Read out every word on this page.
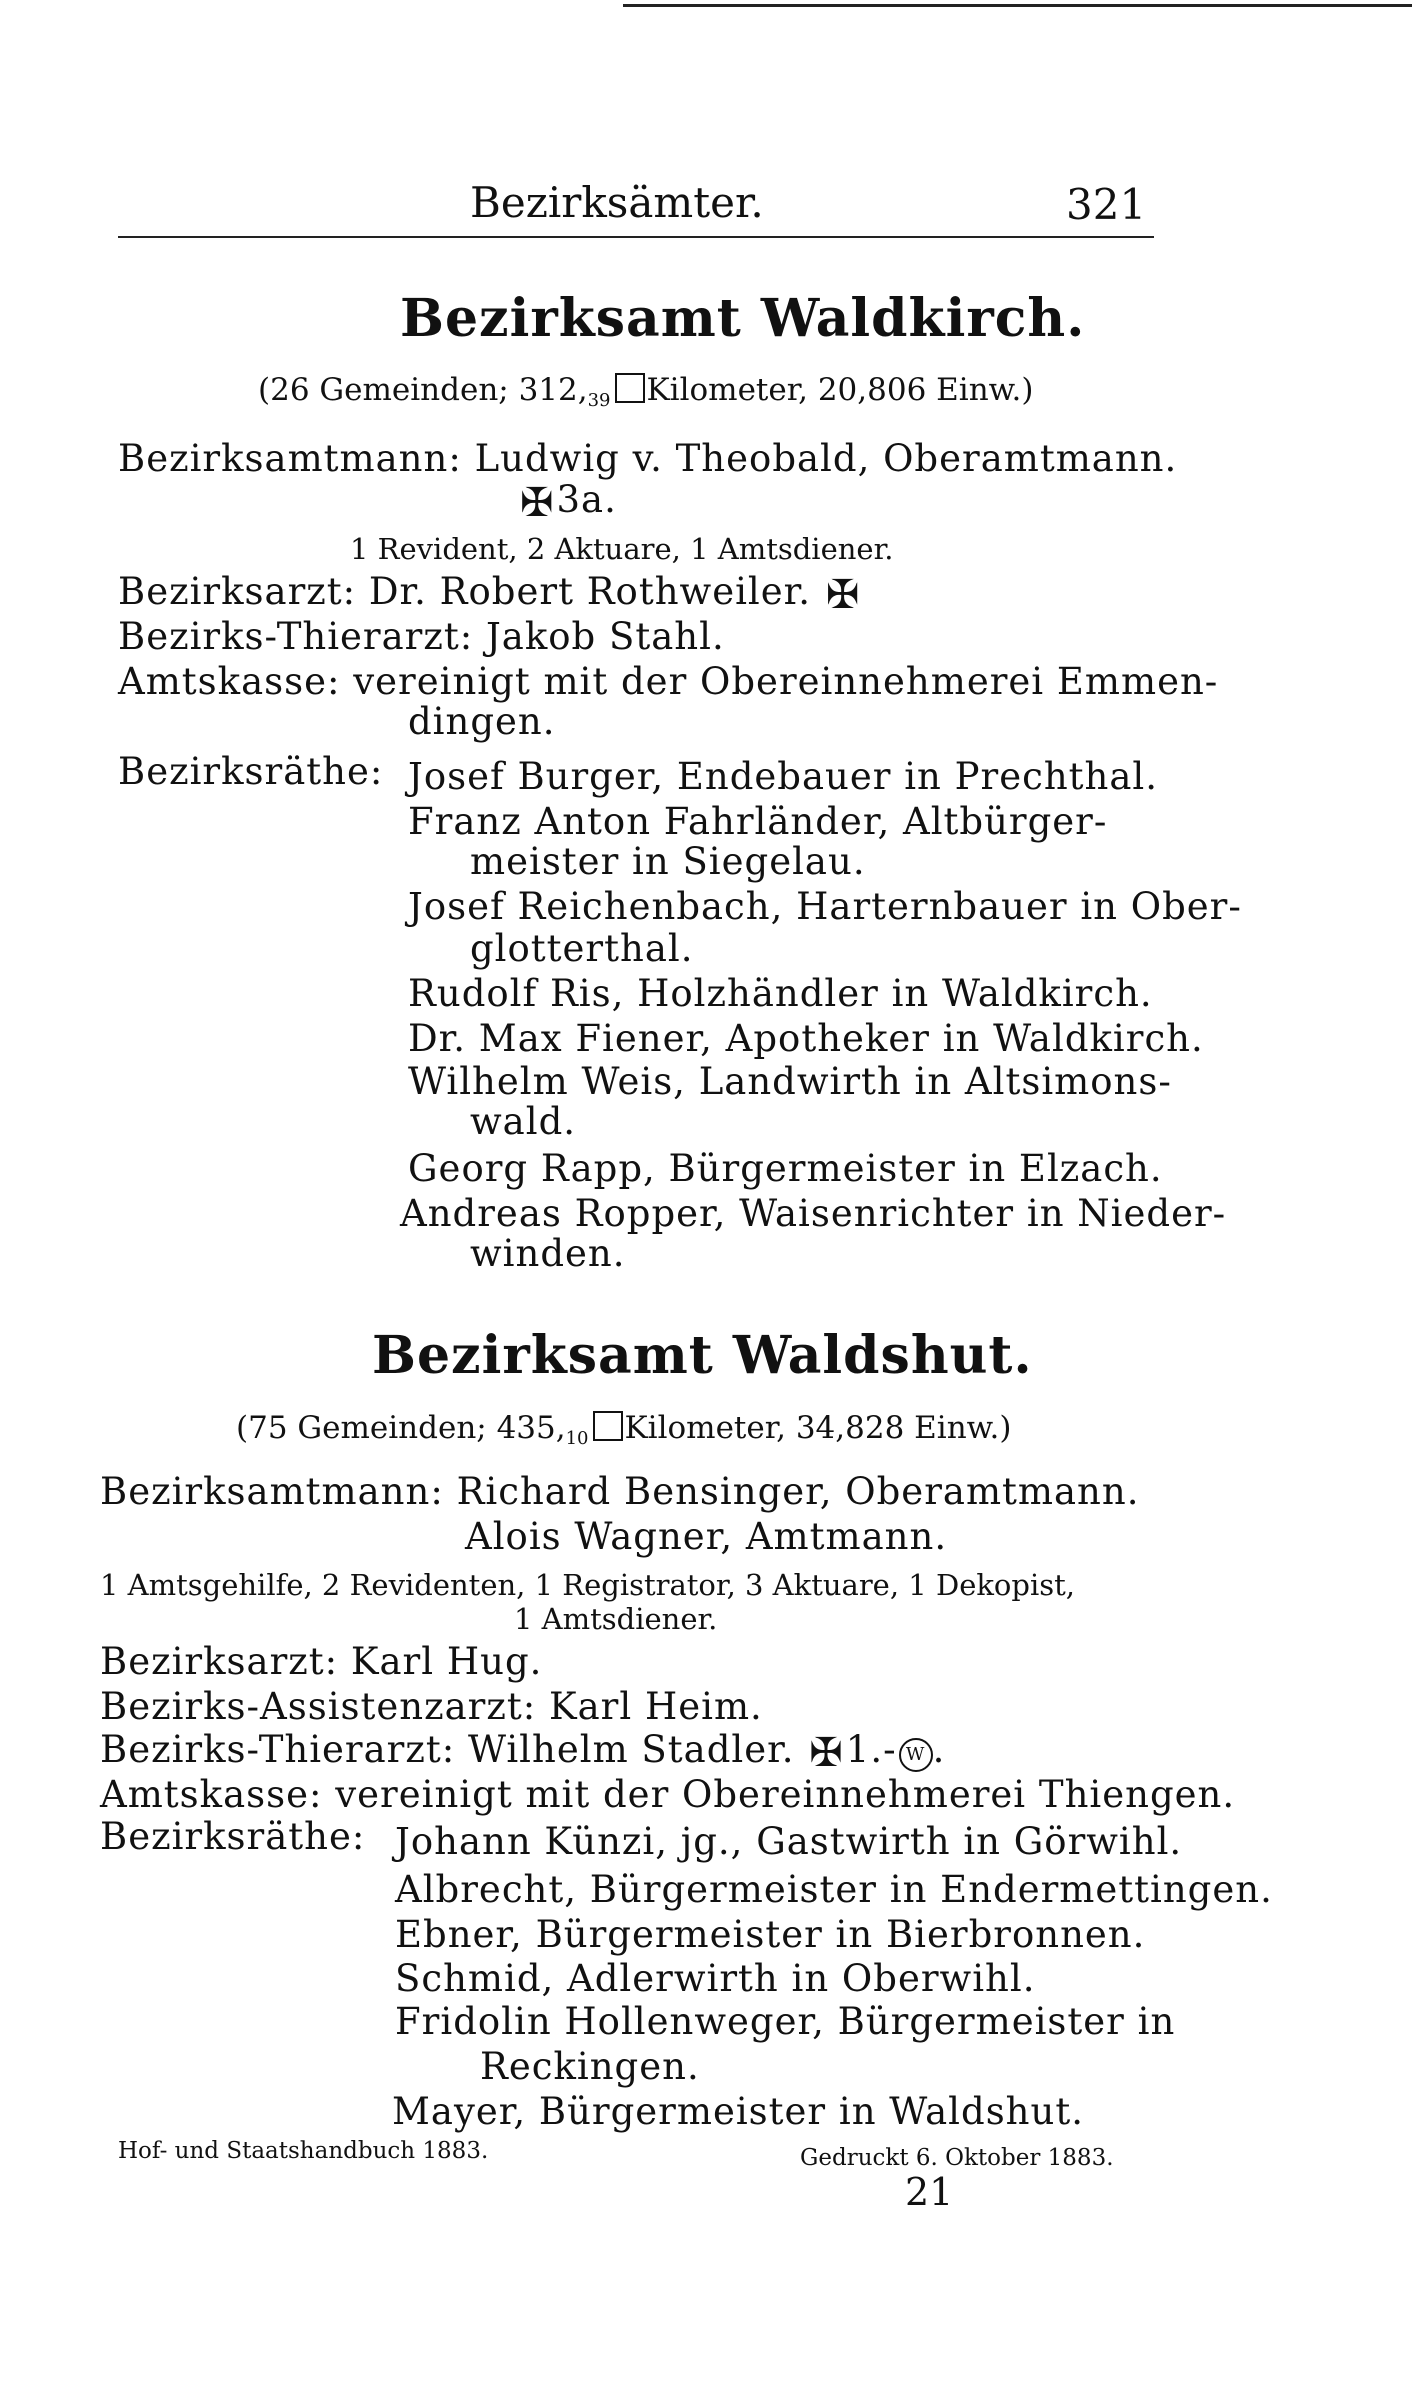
Bezirksämter.	321
Bezirksamt Waldkirch.
(26 Gemeinden; $312,_{39}$ Kilometer, 20,806 Einw.)
Bezirksamtmann: Ludwig v. Theobald, Oberamtmann.
✠3a.
1 Revident, 2 Aktuare, 1 Amtsdiener.
Bezirksarzt: Dr. Robert Rothweiler. ✠
Bezirks-Thierarzt: Jakob Stahl.
Amtskasse: vereinigt mit der Obereinnehmerei Emmen-
dingen.
Bezirksräthe: Josef Burger, Endebauer in Prechthal.
Franz Anton Fahrländer, Altbürger-
meister in Siegelau.
Josef Reichenbach, Harternbauer in Ober-
glotterthal.
Rudolf Ris, Holzhändler in Waldkirch.
Dr. Max Fiener, Apotheker in Waldkirch.
Wilhelm Weis, Landwirth in Altsimons-
wald.
Georg Rapp, Bürgermeister in Elzach.
Andreas Ropper, Waisenrichter in Nieder-
winden.
Bezirksamt Waldshut.
(75 Gemeinden; $435,_{10}$ Kilometer, 34,828 Einw.)
Bezirksamtmann: Richard Bensinger, Oberamtmann.
Alois Wagner, Amtmann.
1 Amtsgehilfe, 2 Revidenten, 1 Registrator, 3 Aktuare, 1 Dekopist,
1 Amtsdiener.
Bezirksarzt: Karl Hug.
Bezirks-Assistenzarzt: Karl Heim.
Bezirks-Thierarzt: Wilhelm Stadler. ✠1.- W .
Amtskasse: vereinigt mit der Obereinnehmerei Thiengen.
Bezirksräthe: Johann Künzi, jg., Gastwirth in Görwihl.
Albrecht, Bürgermeister in Endermettingen.
Ebner, Bürgermeister in Bierbronnen.
Schmid, Adlerwirth in Oberwihl.
Fridolin Hollenweger, Bürgermeister in
Reckingen.
Mayer, Bürgermeister in Waldshut.
Hof- und Staatshandbuch 1883.	Gedruckt 6. Oktober 1883.
21
